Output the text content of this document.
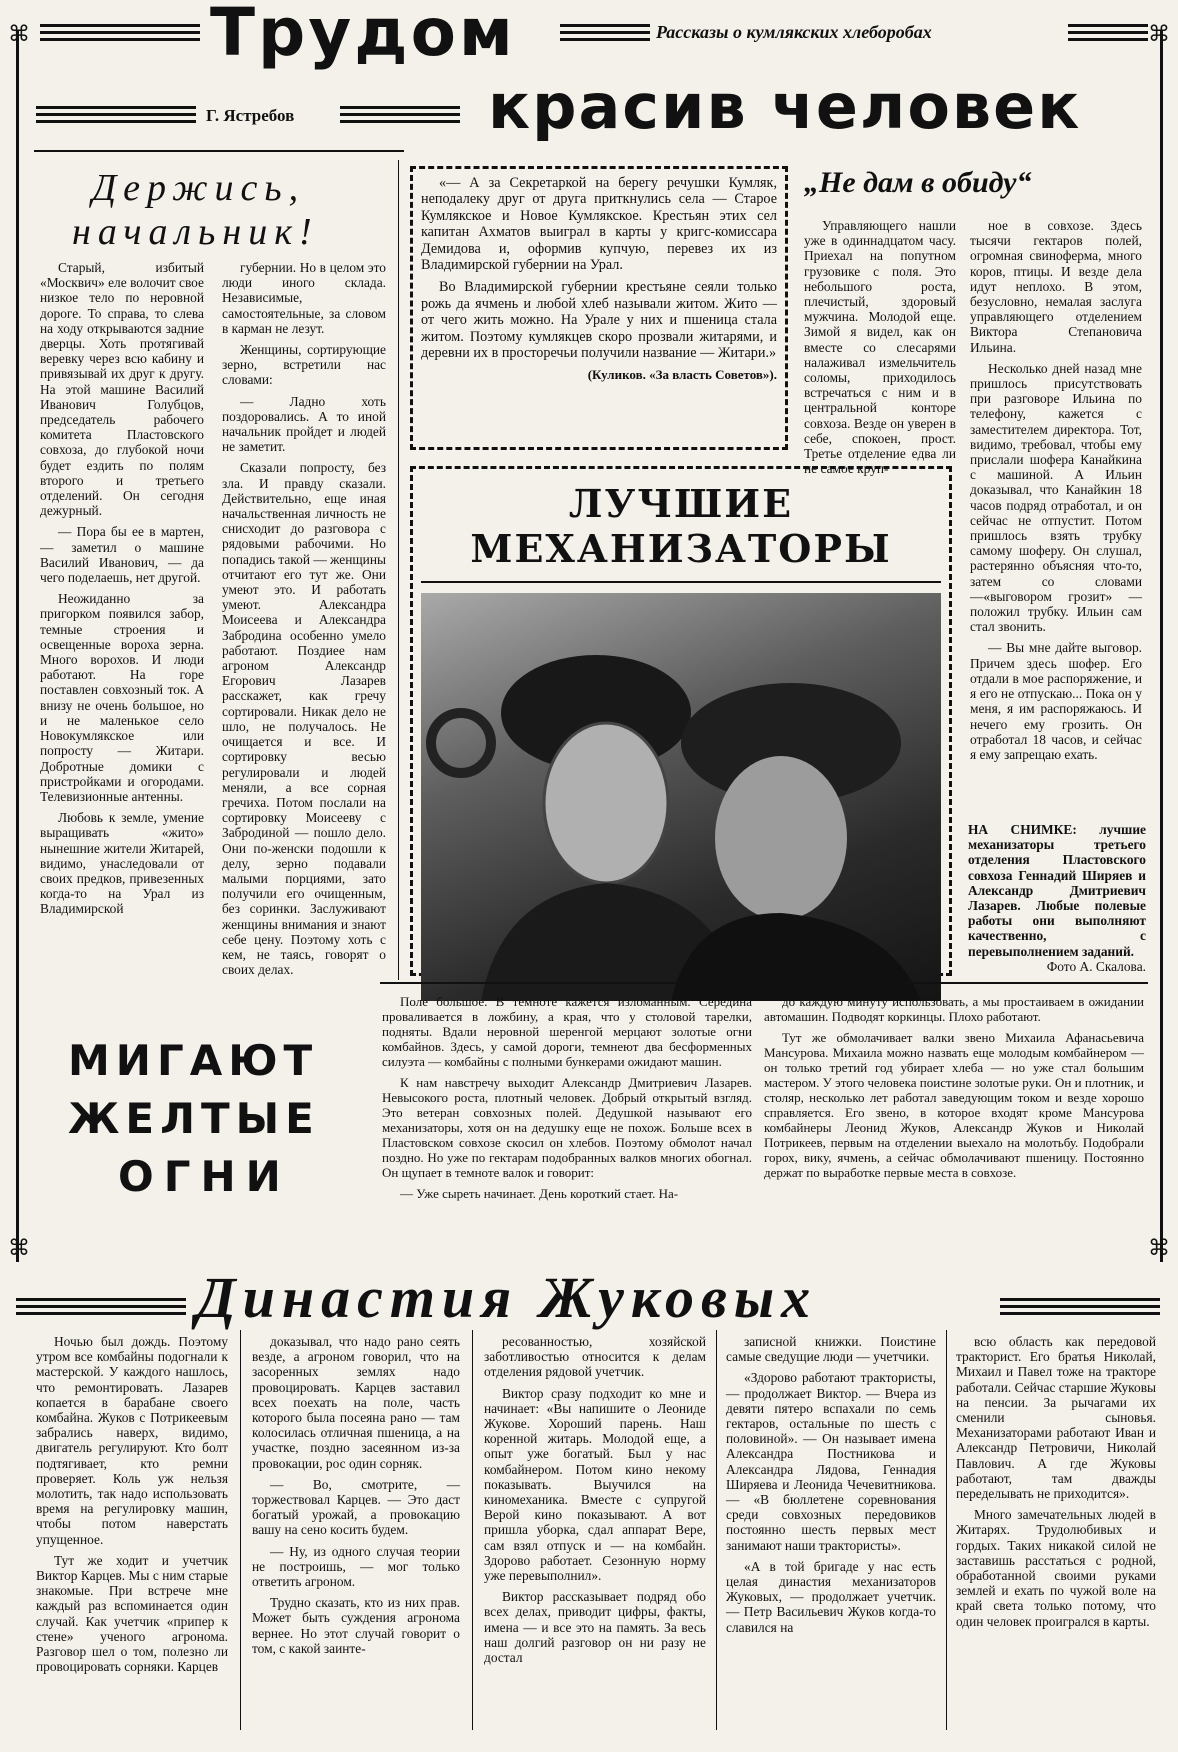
⌘	⌘
⌘	⌘
Трудом	Рассказы о кумлякских хлеборобах
Г. Ястребов	красив человек
Держись,
начальник!

Старый, избитый «Москвич» еле волочит свое низкое тело по неровной дороге. То справа, то слева на ходу открываются задние дверцы. Хоть протягивай веревку через всю кабину и привязывай их друг к другу. На этой машине Василий Иванович Голубцов, председатель рабочего комитета Пластовского совхоза, до глубокой ночи будет ездить по полям второго и третьего отделений. Он сегодня дежурный.

— Пора бы ее в мартен, — заметил о машине Василий Иванович, — да чего поделаешь, нет другой.

Неожиданно за пригорком появился забор, темные строения и освещенные вороха зерна. Много ворохов. И люди работают. На горе поставлен совхозный ток. А внизу не очень большое, но и не маленькое село Новокумлякское или попросту — Житари. Добротные домики с пристройками и огородами. Телевизионные антенны.

Любовь к земле, умение выращивать «жито» нынешние жители Житарей, видимо, унаследовали от своих предков, привезенных когда-то на Урал из Владимирской

губернии. Но в целом это люди иного склада. Независимые, самостоятельные, за словом в карман не лезут.

Женщины, сортирующие зерно, встретили нас словами:

— Ладно хоть поздоровались. А то иной начальник пройдет и людей не заметит.

Сказали попросту, без зла. И правду сказали. Действительно, еще иная начальственная личность не снисходит до разговора с рядовыми рабочими. Но попадись такой — женщины отчитают его тут же. Они умеют это. И работать умеют. Александра Моисеева и Александра Забродина особенно умело работают. Поздиее нам агроном Александр Егорович Лазарев расскажет, как гречу сортировали. Никак дело не шло, не получалось. Не очищается и все. И сортировку весью регулировали и людей меняли, а все сорная гречиха. Потом послали на сортировку Моисееву с Забродиной — пошло дело. Они по-женски подошли к делу, зерно подавали малыми порциями, зато получили его очищенным, без соринки. Заслуживают женщины внимания и знают себе цену. Поэтому хоть с кем, не таясь, говорят о своих делах.

«— А за Секретаркой на берегу речушки Кумляк, неподалеку друг от друга приткнулись села — Старое Кумлякское и Новое Кумлякское. Крестьян этих сел капитан Ахматов выиграл в карты у кригс-комиссара Демидова и, оформив купчую, перевез их из Владимирской губернии на Урал.

Во Владимирской губернии крестьяне сеяли только рожь да ячмень и любой хлеб называли житом. Жито — от чего жить можно. На Урале у них и пшеница стала житом. Поэтому кумлякцев скоро прозвали житарями, и деревни их в простоpечьи получили название — Житари.»

(Куликов. «За власть Советов»).
„Не дам в обиду“

Управляющего нашли уже в одиннадцатом часу. Приехал на попутном грузовике с поля. Это небольшого роста, плечистый, здоровый мужчина. Молодой еще. Зимой я видел, как он вместе со слесарями налаживал измельчитель соломы, приходилось встречаться с ним и в центральной конторе совхоза. Везде он уверен в себе, спокоен, прост. Третье отделение едва ли не самое круп-

ное в совхозе. Здесь тысячи гектаров полей, огромная свиноферма, много коров, птицы. И везде дела идут неплохо. В этом, безусловно, немалая заслуга управляющего отделением Виктора Степановича Ильина.

Несколько дней назад мне пришлось присутствовать при разговоре Ильина по телефону, кажется с заместителем директора. Тот, видимо, требовал, чтобы ему прислали шофера Канайкина с машиной. А Ильин доказывал, что Канайкин 18 часов подряд отработал, и он сейчас не отпустит. Потом пришлось взять трубку самому шоферу. Он слушал, растерянно объясняя что-то, затем со словами—«выговором грозит» — положил трубку. Ильин сам стал звонить.

— Вы мне дайте выговор. Причем здесь шофер. Его отдали в мое распоряжение, и я его не отпускаю... Пока он у меня, я им распоряжаюсь. И нечего ему грозить. Он отработал 18 часов, и сейчас я ему запрещаю ехать.

ЛУЧШИЕ МЕХАНИЗАТОРЫ
НА СНИМКЕ: лучшие механизаторы третьего отделения Пластовского совхоза Геннадий Ширяев и Александр Дмитриевич Лазарев. Любые полевые работы они выполняют качественно, с перевыполнением заданий.
Фото А. Скалова.
МИГАЮТ
ЖЕЛТЫЕ
ОГНИ

Поле большое. В темноте кажется изломанным. Середина проваливается в ложбину, а края, что у столовой тарелки, подняты. Вдали неровной шеренгой мерцают золотые огни комбайнов. Здесь, у самой дороги, темнеют два бесформенных силуэта — комбайны с полными бункерами ожидают машин.

К нам навстречу выходит Александр Дмитриевич Лазарев. Невысокого роста, плотный человек. Добрый открытый взгляд. Это ветеран совхозных полей. Дедушкой называют его механизаторы, хотя он на дедушку еще не похож. Больше всех в Пластовском совхозе скосил он хлебов. Поэтому обмолот начал поздно. Но уже по гектарам подобранных валков многих обогнал. Он щупает в темноте валок и говорит:

— Уже сыреть начинает. День короткий стает. На-

до каждую минуту использовать, а мы простаиваем в ожидании автомашин. Подводят коркинцы. Плохо работают.

Тут же обмолачивает валки звено Михаила Афанасьевича Мансурова. Михаила можно назвать еще молодым комбайнером — он только третий год убирает хлеба — но уже стал большим мастером. У этого человека поистине золотые руки. Он и плотник, и столяр, несколько лет работал заведующим током и везде хорошо справляется. Его звено, в которое входят кроме Мансурова комбайнеры Леонид Жуков, Александр Жуков и Николай Потрикеев, первым на отделении выехало на молотьбу. Подобрали горох, вику, ячмень, а сейчас обмолачивают пшеницу. Постоянно держат по выработке первые места в совхозе.

Династия Жуковых

Ночью был дождь. Поэтому утром все комбайны подогнали к мастерской. У каждого нашлось, что ремонтировать. Лазарев копается в барабане своего комбайна. Жуков с Потрикеевым забрались наверх, видимо, двигатель регулируют. Кто болт подтягивает, кто ремни проверяет. Коль уж нельзя молотить, так надо использовать время на регулировку машин, чтобы потом наверстать упущенное.

Тут же ходит и учетчик Виктор Карцев. Мы с ним старые знакомые. При встрече мне каждый раз вспоминается один случай. Как учетчик «припер к стене» ученого агронома. Разговор шел о том, полезно ли провоцировать сорняки. Карцев

доказывал, что надо рано сеять везде, а агроном говорил, что на засоренных землях надо провоцировать. Карцев заставил всех поехать на поле, часть которого была посеяна рано — там колосилась отличная пшеница, а на участке, поздно засеянном из-за провокации, рос один сорняк.

— Во, смотрите, — торжествовал Карцев. — Это даст богатый урожай, а провокацию вашу на сено косить будем.

— Ну, из одного случая теории не построишь, — мог только ответить агроном.

Трудно сказать, кто из них прав. Может быть суждения агронома вернее. Но этот случай говорит о том, с какой заинте-

ресованностью, хозяйской заботливостью относится к делам отделения рядовой учетчик.

Виктор сразу подходит ко мне и начинает: «Вы напишите о Леониде Жукове. Хороший парень. Наш коренной житарь. Молодой еще, а опыт уже богатый. Был у нас комбайнером. Потом кино некому показывать. Выучился на киномеханика. Вместе с супругой Верой кино показывают. А вот пришла уборка, сдал аппарат Вере, сам взял отпуск и — на комбайн. Здорово работает. Сезонную норму уже перевыполнил».

Виктор рассказывает подряд обо всех делах, приводит цифры, факты, имена — и все это на память. За весь наш долгий разговор он ни разу не достал

записной книжки. Поистине самые сведущие люди — учетчики.

«Здорово работают трактористы, — продолжает Виктор. — Вчера из девяти пятеро вспахали по семь гектаров, остальные по шесть с половиной». — Он называет имена Александра Постникова и Александра Лядова, Геннадия Ширяева и Леонида Чечевитникова. — «В бюллетене соревнования среди совхозных передовиков постоянно шесть первых мест занимают наши трактористы».

«А в той бригаде у нас есть целая династия механизаторов Жуковых, — продолжает учетчик. — Петр Васильевич Жуков когда-то славился на

всю область как передовой тракторист. Его братья Николай, Михаил и Павел тоже на тракторе работали. Сейчас старшие Жуковы на пенсии. За рычагами их сменили сыновья. Механизаторами работают Иван и Александр Петровичи, Николай Павлович. А где Жуковы работают, там дважды переделывать не приходится».

Много замечательных людей в Житарях. Трудолюбивых и гордых. Таких никакой силой не заставишь расстаться с родной, обработанной своими руками землей и ехать по чужой воле на край света только потому, что один человек проигрался в карты.
